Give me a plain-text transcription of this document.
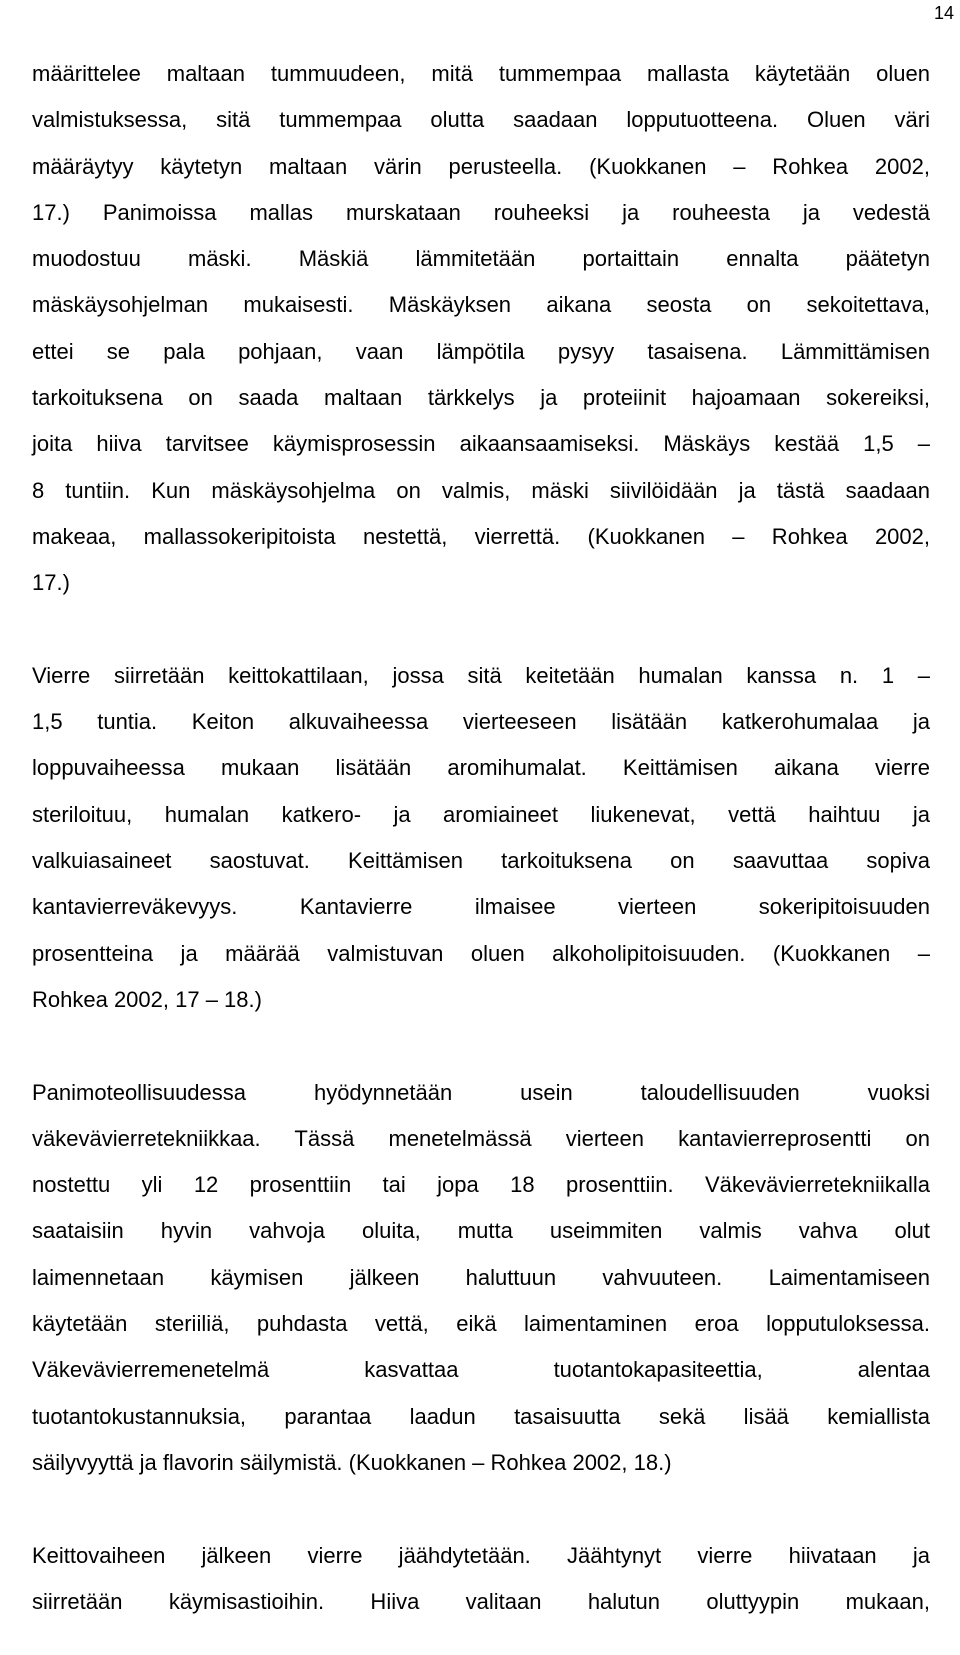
14
määrittelee maltaan tummuudeen, mitä tummempaa mallasta käytetään oluen
valmistuksessa, sitä tummempaa olutta saadaan lopputuotteena. Oluen väri
määräytyy käytetyn maltaan värin perusteella. (Kuokkanen – Rohkea 2002,
17.) Panimoissa mallas murskataan rouheeksi ja rouheesta ja vedestä
muodostuu mäski. Mäskiä lämmitetään portaittain ennalta päätetyn
mäskäysohjelman mukaisesti. Mäskäyksen aikana seosta on sekoitettava,
ettei se pala pohjaan, vaan lämpötila pysyy tasaisena. Lämmittämisen
tarkoituksena on saada maltaan tärkkelys ja proteiinit hajoamaan sokereiksi,
joita hiiva tarvitsee käymisprosessin aikaansaamiseksi. Mäskäys kestää 1,5 –
8 tuntiin. Kun mäskäysohjelma on valmis, mäski siivilöidään ja tästä saadaan
makeaa, mallassokeripitoista nestettä, vierrettä. (Kuokkanen – Rohkea 2002,
17.)
Vierre siirretään keittokattilaan, jossa sitä keitetään humalan kanssa n. 1 –
1,5 tuntia. Keiton alkuvaiheessa vierteeseen lisätään katkerohumalaa ja
loppuvaiheessa mukaan lisätään aromihumalat. Keittämisen aikana vierre
steriloituu, humalan katkero- ja aromiaineet liukenevat, vettä haihtuu ja
valkuiasaineet saostuvat. Keittämisen tarkoituksena on saavuttaa sopiva
kantavierreväkevyys. Kantavierre ilmaisee vierteen sokeripitoisuuden
prosentteina ja määrää valmistuvan oluen alkoholipitoisuuden. (Kuokkanen –
Rohkea 2002, 17 – 18.)
Panimoteollisuudessa hyödynnetään usein taloudellisuuden vuoksi
väkevävierretekniikkaa. Tässä menetelmässä vierteen kantavierreprosentti on
nostettu yli 12 prosenttiin tai jopa 18 prosenttiin. Väkevävierretekniikalla
saataisiin hyvin vahvoja oluita, mutta useimmiten valmis vahva olut
laimennetaan käymisen jälkeen haluttuun vahvuuteen. Laimentamiseen
käytetään steriiliä, puhdasta vettä, eikä laimentaminen eroa lopputuloksessa.
Väkevävierremenetelmä kasvattaa tuotantokapasiteettia, alentaa
tuotantokustannuksia, parantaa laadun tasaisuutta sekä lisää kemiallista
säilyvyyttä ja flavorin säilymistä. (Kuokkanen – Rohkea 2002, 18.)
Keittovaiheen jälkeen vierre jäähdytetään. Jäähtynyt vierre hiivataan ja
siirretään käymisastioihin. Hiiva valitaan halutun oluttyypin mukaan,
